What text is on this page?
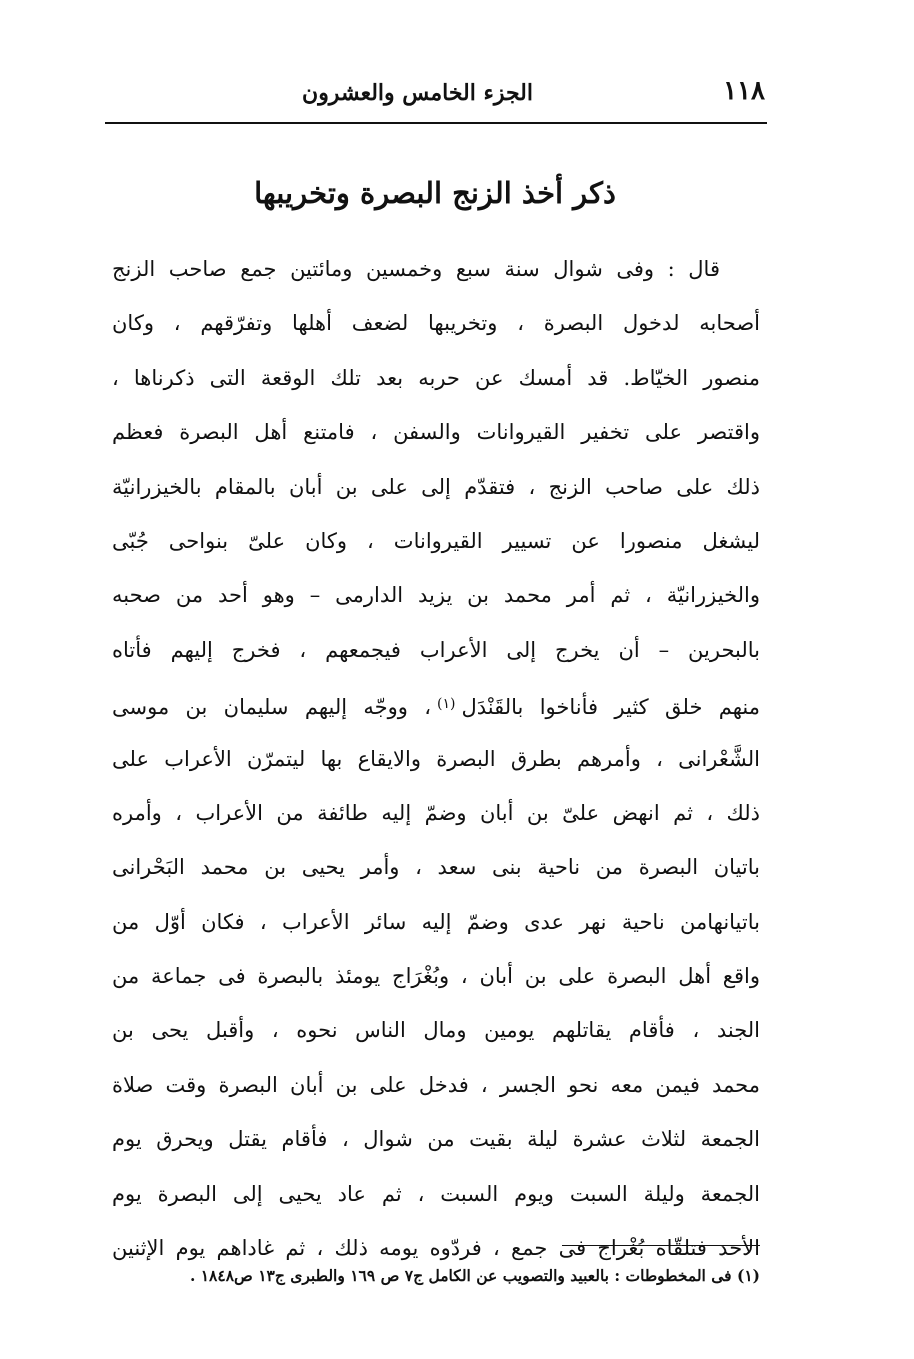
١١٨
الجزء الخامس والعشرون
ذكر أخذ الزنج البصرة وتخريبها
قال : وفى شوال سنة سبع وخمسين ومائتين جمع صاحب الزنج
أصحابه لدخول البصرة ، وتخريبها لضعف أهلها وتفرّقهم ، وكان
منصور الخيّاط. قد أمسك عن حربه بعد تلك الوقعة التى ذكرناها ،
واقتصر على تخفير القيروانات والسفن ، فامتنع أهل البصرة فعظم
ذلك على صاحب الزنج ، فتقدّم إلى على بن أبان بالمقام بالخيزرانيّة
ليشغل منصورا عن تسيير القيروانات ، وكان علىّ بنواحى جُبّى
والخيزرانيّة ، ثم أمر محمد بن يزيد الدارمى – وهو أحد من صحبه
بالبحرين – أن يخرج إلى الأعراب فيجمعهم ، فخرج إليهم فأتاه
منهم خلق كثير فأناخوا بالقَنْدَل$^{(١)}$، ووجّه إليهم سليمان بن موسى
الشَّعْرانى ، وأمرهم بطرق البصرة والايقاع بها ليتمرّن الأعراب على
ذلك ، ثم انهض علىّ بن أبان وضمّ إليه طائفة من الأعراب ، وأمره
باتيان البصرة من ناحية بنى سعد ، وأمر يحيى بن محمد البَحْرانى
باتيانهامن ناحية نهر عدى وضمّ إليه سائر الأعراب ، فكان أوّل من
واقع أهل البصرة على بن أبان ، وبُغْرَاج يومئذ بالبصرة فى جماعة من
الجند ، فأقام يقاتلهم يومين ومال الناس نحوه ، وأقبل يحى بن
محمد فيمن معه نحو الجسر ، فدخل على بن أبان البصرة وقت صلاة
الجمعة لثلاث عشرة ليلة بقيت من شوال ، فأقام يقتل ويحرق يوم
الجمعة وليلة السبت ويوم السبت ، ثم عاد يحيى إلى البصرة يوم
الأحد فتلقّاه بُغْراج فى جمع ، فردّوه يومه ذلك ، ثم غاداهم يوم الإثنين
(١) فى المخطوطات : بالعبيد والتصويب عن الكامل ج٧ ص ١٦٩ والطبرى ج١٣ ص١٨٤٨ .
